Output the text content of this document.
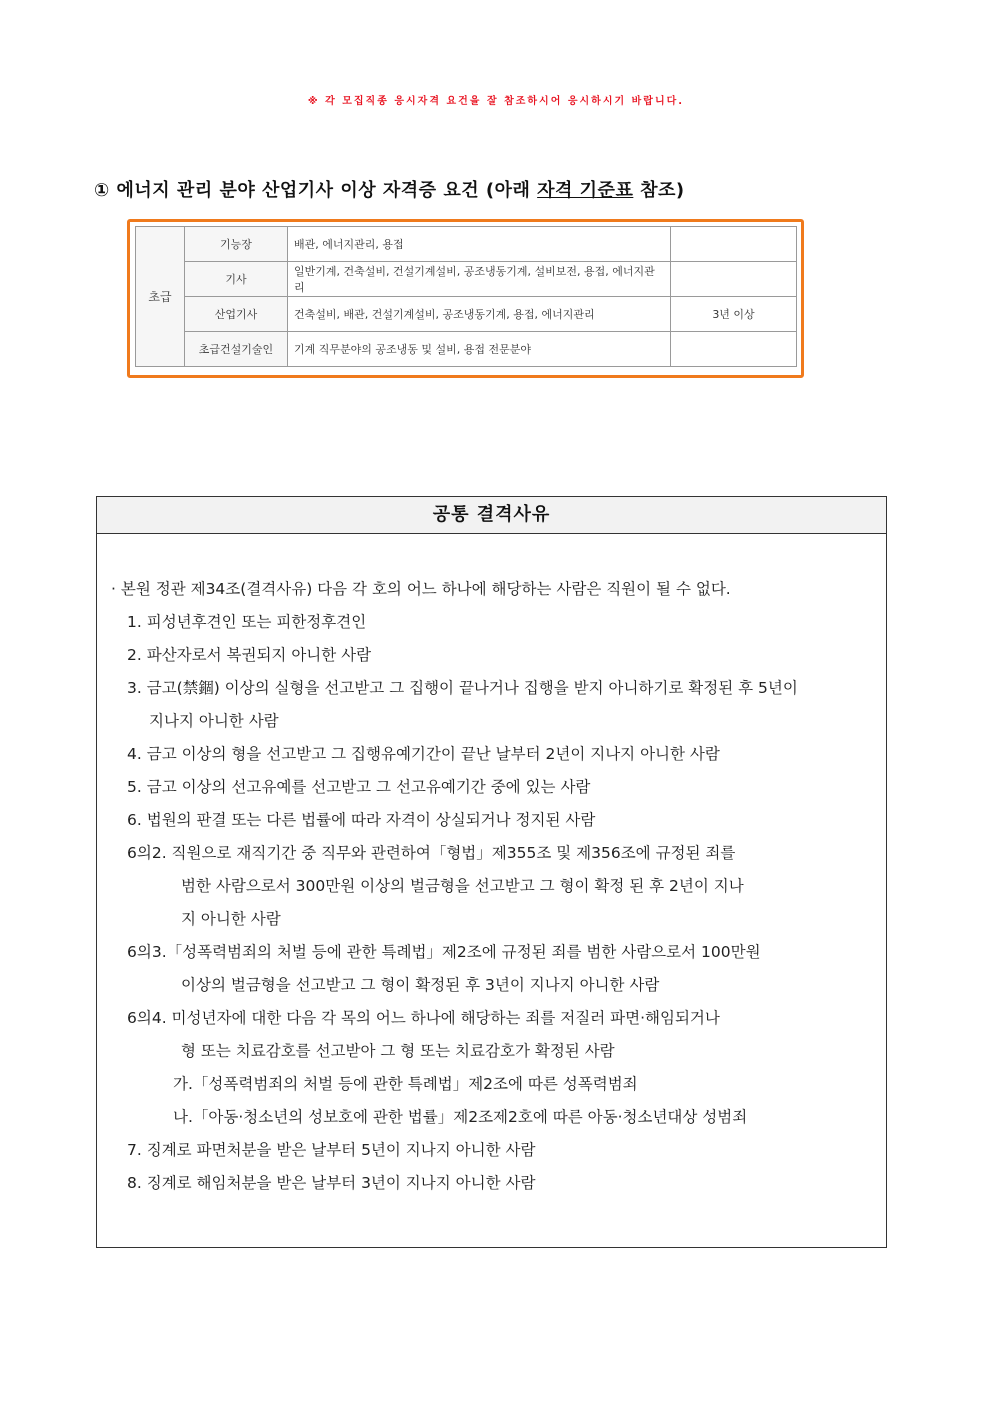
※ 각 모집직종 응시자격 요건을 잘 참조하시어 응시하시기 바랍니다.
① 에너지 관리 분야 산업기사 이상 자격증 요건 (아래 자격 기준표 참조)
초급	기능장	배관, 에너지관리, 용접	
	기사	일반기계, 건축설비, 건설기계설비, 공조냉동기계, 설비보전, 용접, 에너지관리	
	산업기사	건축설비, 배관, 건설기계설비, 공조냉동기계, 용접, 에너지관리	3년 이상
	초급건설기술인	기계 직무분야의 공조냉동 및 설비, 용접 전문분야	
공통 결격사유
· 본원 정관 제34조(결격사유) 다음 각 호의 어느 하나에 해당하는 사람은 직원이 될 수 없다.
1. 피성년후견인 또는 피한정후견인
2. 파산자로서 복권되지 아니한 사람
3. 금고(禁錮) 이상의 실형을 선고받고 그 집행이 끝나거나 집행을 받지 아니하기로 확정된 후 5년이
지나지 아니한 사람
4. 금고 이상의 형을 선고받고 그 집행유예기간이 끝난 날부터 2년이 지나지 아니한 사람
5. 금고 이상의 선고유예를 선고받고 그 선고유예기간 중에 있는 사람
6. 법원의 판결 또는 다른 법률에 따라 자격이 상실되거나 정지된 사람
6의2. 직원으로 재직기간 중 직무와 관련하여「형법」제355조 및 제356조에 규정된 죄를
범한 사람으로서 300만원 이상의 벌금형을 선고받고 그 형이 확정 된 후 2년이 지나
지 아니한 사람
6의3.「성폭력범죄의 처벌 등에 관한 특례법」제2조에 규정된 죄를 범한 사람으로서 100만원
이상의 벌금형을 선고받고 그 형이 확정된 후 3년이 지나지 아니한 사람
6의4. 미성년자에 대한 다음 각 목의 어느 하나에 해당하는 죄를 저질러 파면·해임되거나
형 또는 치료감호를 선고받아 그 형 또는 치료감호가 확정된 사람
가.「성폭력범죄의 처벌 등에 관한 특례법」제2조에 따른 성폭력범죄
나.「아동·청소년의 성보호에 관한 법률」제2조제2호에 따른 아동·청소년대상 성범죄
7. 징계로 파면처분을 받은 날부터 5년이 지나지 아니한 사람
8. 징계로 해임처분을 받은 날부터 3년이 지나지 아니한 사람
